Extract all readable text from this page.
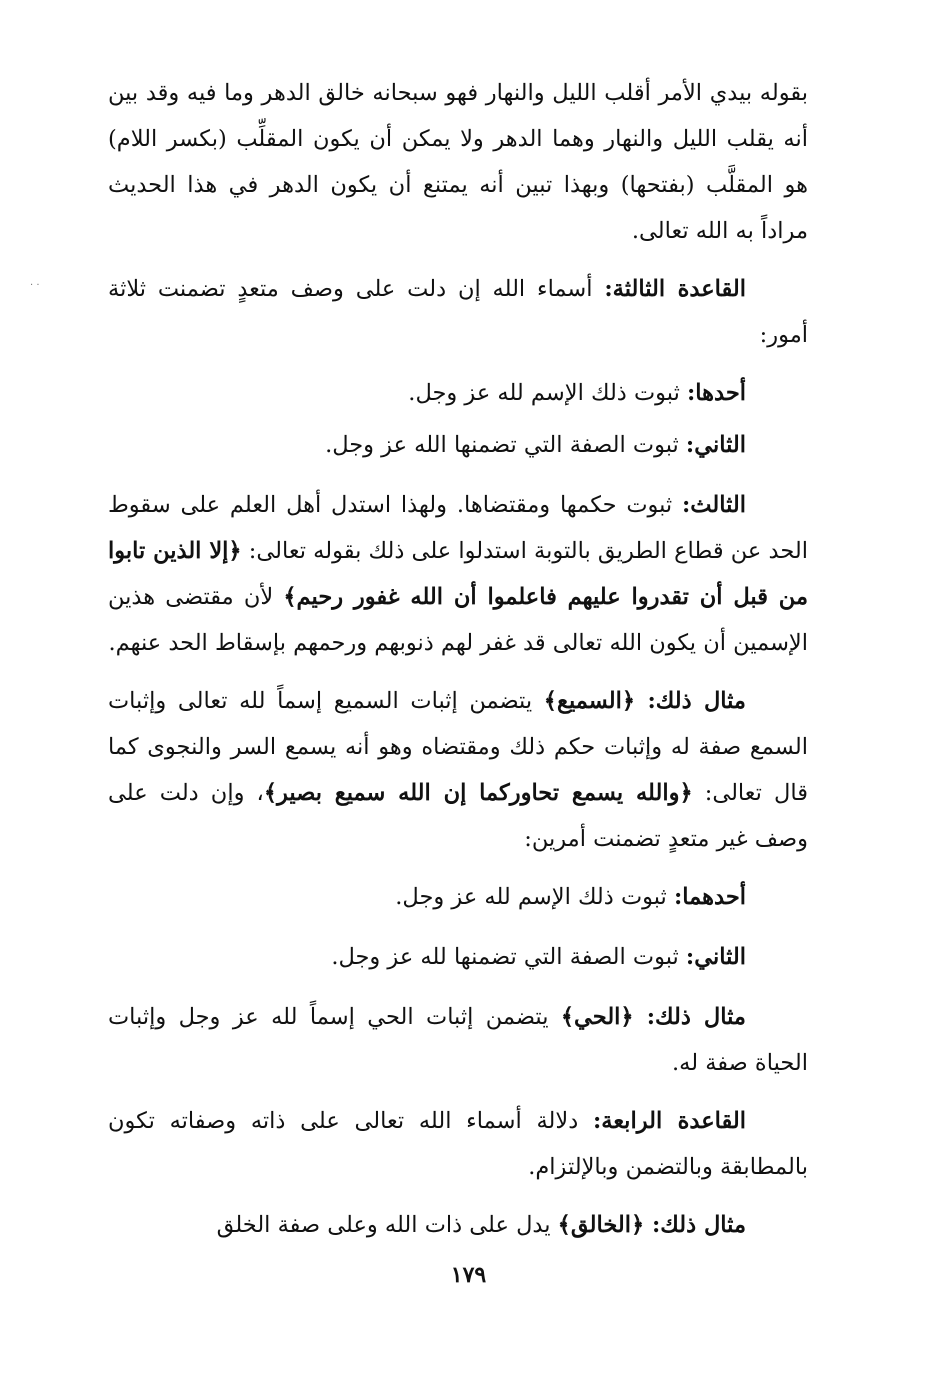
· ·

بقوله بيدي الأمر أقلب الليل والنهار فهو سبحانه خالق الدهر وما فيه وقد بين أنه يقلب الليل والنهار وهما الدهر ولا يمكن أن يكون المقلِّب (بكسر اللام) هو المقلَّب (بفتحها) وبهذا تبين أنه يمتنع أن يكون الدهر في هذا الحديث مراداً به الله تعالى.

القاعدة الثالثة: أسماء الله إن دلت على وصف متعدٍ تضمنت ثلاثة أمور:

أحدها: ثبوت ذلك الإسم لله عز وجل.

الثاني: ثبوت الصفة التي تضمنها الله عز وجل.

الثالث: ثبوت حكمها ومقتضاها. ولهذا استدل أهل العلم على سقوط الحد عن قطاع الطريق بالتوبة استدلوا على ذلك بقوله تعالى: ﴿إلا الذين تابوا من قبل أن تقدروا عليهم فاعلموا أن الله غفور رحيم﴾ لأن مقتضى هذين الإسمين أن يكون الله تعالى قد غفر لهم ذنوبهم ورحمهم بإسقاط الحد عنهم.

مثال ذلك: ﴿السميع﴾ يتضمن إثبات السميع إسماً لله تعالى وإثبات السمع صفة له وإثبات حكم ذلك ومقتضاه وهو أنه يسمع السر والنجوى كما قال تعالى: ﴿والله يسمع تحاوركما إن الله سميع بصير﴾، وإن دلت على وصف غير متعدٍ تضمنت أمرين:

أحدهما: ثبوت ذلك الإسم لله عز وجل.

الثاني: ثبوت الصفة التي تضمنها لله عز وجل.

مثال ذلك: ﴿الحي﴾ يتضمن إثبات الحي إسماً لله عز وجل وإثبات الحياة صفة له.

القاعدة الرابعة: دلالة أسماء الله تعالى على ذاته وصفاته تكون بالمطابقة وبالتضمن وبالإلتزام.

مثال ذلك: ﴿الخالق﴾ يدل على ذات الله وعلى صفة الخلق

١٧٩
